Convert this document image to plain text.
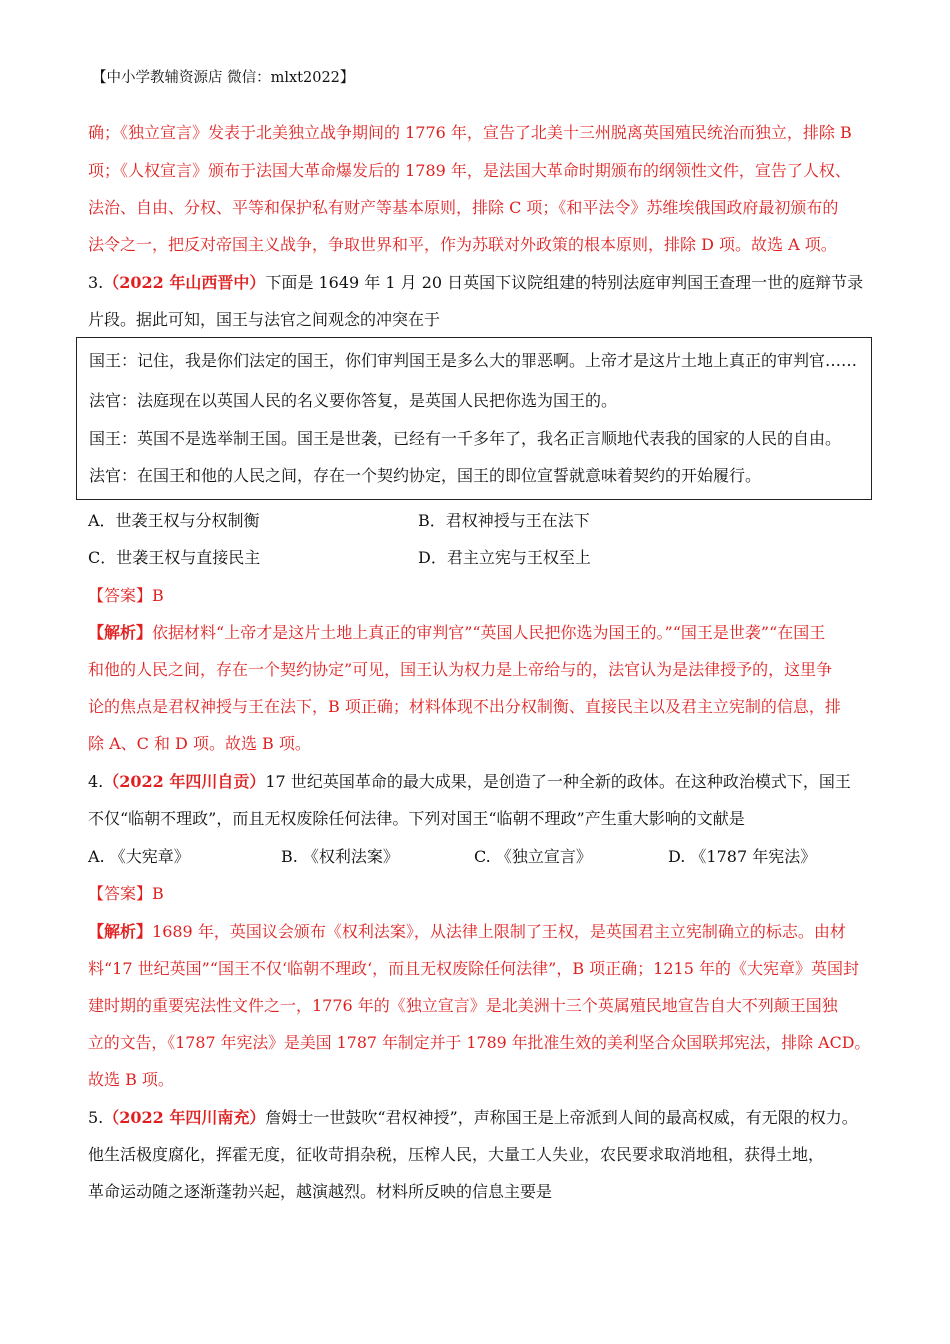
【中小学教辅资源店 微信：mlxt2022】
确；《独立宣言》发表于北美独立战争期间的 1776 年，宣告了北美十三州脱离英国殖民统治而独立，排除 B
项；《人权宣言》颁布于法国大革命爆发后的 1789 年，是法国大革命时期颁布的纲领性文件，宣告了人权、
法治、自由、分权、平等和保护私有财产等基本原则，排除 C 项；《和平法令》苏维埃俄国政府最初颁布的
法令之一，把反对帝国主义战争，争取世界和平，作为苏联对外政策的根本原则，排除 D 项。故选 A 项。
3.（2022 年山西晋中）下面是 1649 年 1 月 20 日英国下议院组建的特别法庭审判国王查理一世的庭辩节录
片段。据此可知，国王与法官之间观念的冲突在于
国王：记住，我是你们法定的国王，你们审判国王是多么大的罪恶啊。上帝才是这片土地上真正的审判官……
法官：法庭现在以英国人民的名义要你答复，是英国人民把你选为国王的。
国王：英国不是选举制王国。国王是世袭，已经有一千多年了，我名正言顺地代表我的国家的人民的自由。
法官：在国王和他的人民之间，存在一个契约协定，国王的即位宣誓就意味着契约的开始履行。
A．世袭王权与分权制衡	B．君权神授与王在法下
C．世袭王权与直接民主	D．君主立宪与王权至上
【答案】B
【解析】依据材料“上帝才是这片土地上真正的审判官”“英国人民把你选为国王的。”“国王是世袭”“在国王
和他的人民之间，存在一个契约协定”可见，国王认为权力是上帝给与的，法官认为是法律授予的，这里争
论的焦点是君权神授与王在法下，B 项正确；材料体现不出分权制衡、直接民主以及君主立宪制的信息，排
除 A、C 和 D 项。故选 B 项。
4.（2022 年四川自贡）17 世纪英国革命的最大成果，是创造了一种全新的政体。在这种政治模式下，国王
不仅“临朝不理政”，而且无权废除任何法律。下列对国王“临朝不理政”产生重大影响的文献是
A. 《大宪章》	B. 《权利法案》	C. 《独立宣言》	D. 《1787 年宪法》
【答案】B
【解析】1689 年，英国议会颁布《权利法案》，从法律上限制了王权，是英国君主立宪制确立的标志。由材
料“17 世纪英国”“国王不仅‘临朝不理政‘，而且无权废除任何法律”，B 项正确；1215 年的《大宪章》英国封
建时期的重要宪法性文件之一，1776 年的《独立宣言》是北美洲十三个英属殖民地宣告自大不列颠王国独
立的文告，《1787 年宪法》是美国 1787 年制定并于 1789 年批准生效的美利坚合众国联邦宪法，排除 ACD。
故选 B 项。
5.（2022 年四川南充）詹姆士一世鼓吹“君权神授”，声称国王是上帝派到人间的最高权威，有无限的权力。
他生活极度腐化，挥霍无度，征收苛捐杂税，压榨人民，大量工人失业，农民要求取消地租，获得土地，
革命运动随之逐渐蓬勃兴起，越演越烈。材料所反映的信息主要是
